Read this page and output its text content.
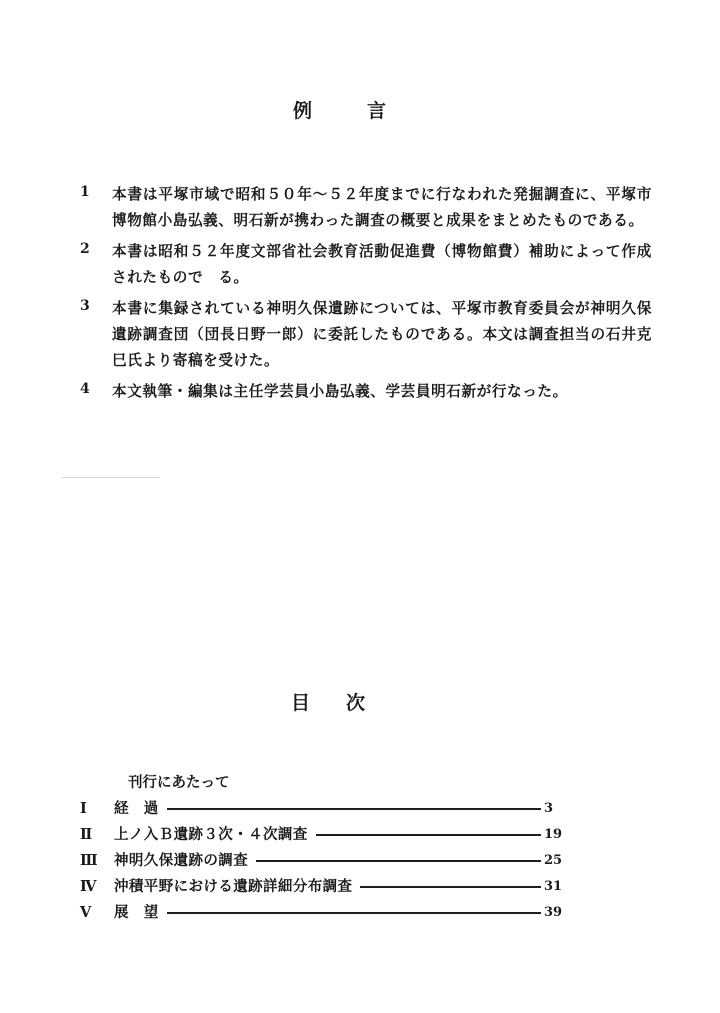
例	言
1	本書は平塚市域で昭和５０年〜５２年度までに行なわれた発掘調査に、平塚市博物館小島弘義、明石新が携わった調査の概要と成果をまとめたものである。
2	本書は昭和５２年度文部省社会教育活動促進費（博物館費）補助によって作成されたもので　る。
3	本書に集録されている神明久保遺跡については、平塚市教育委員会が神明久保遺跡調査団（団長日野一郎）に委託したものである。本文は調査担当の石井克巳氏より寄稿を受けた。
4	本文執筆・編集は主任学芸員小島弘義、学芸員明石新が行なった。
目 次
刊行にあたって
Ⅰ	経　過	3
Ⅱ	上ノ入Ｂ遺跡３次・４次調査	19
Ⅲ	神明久保遺跡の調査	25
Ⅳ	沖積平野における遺跡詳細分布調査	31
Ⅴ	展　望	39
